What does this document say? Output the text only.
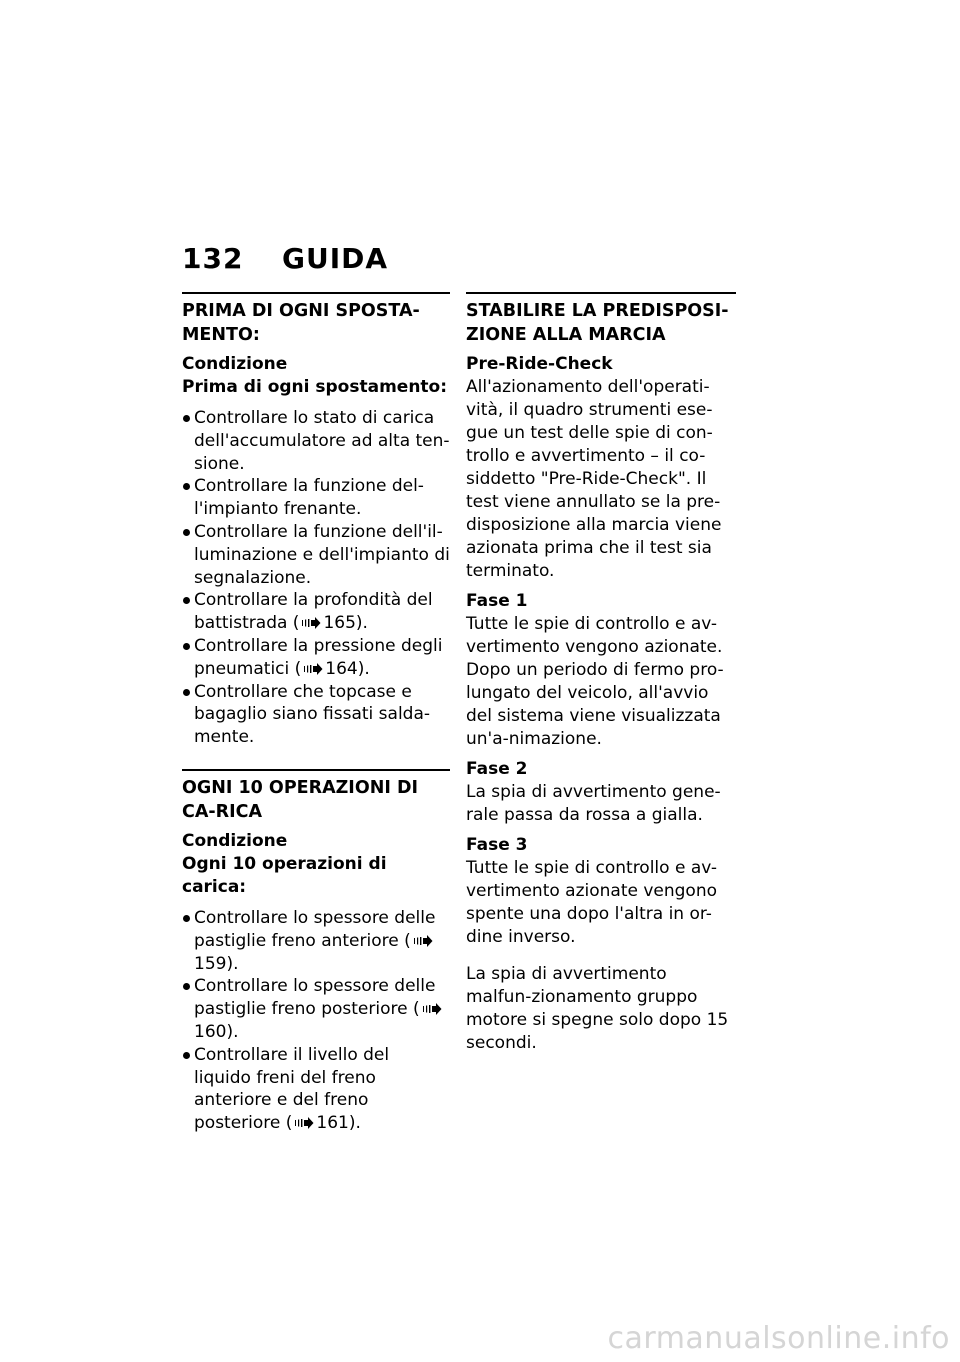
132 GUIDA
PRIMA DI OGNI SPOSTA-MENTO:
Condizione
Prima di ogni spostamento:
Controllare lo stato di carica dell'accumulatore ad alta ten-sione.
Controllare la funzione del-l'impianto frenante.
Controllare la funzione dell'il-luminazione e dell'impianto di segnalazione.
Controllare la profondità del battistrada ( 165).
Controllare la pressione degli pneumatici ( 164).
Controllare che topcase e bagaglio siano fissati salda-mente.
OGNI 10 OPERAZIONI DI CA-RICA
Condizione
Ogni 10 operazioni di carica:
Controllare lo spessore delle pastiglie freno anteriore (159).
Controllare lo spessore delle pastiglie freno posteriore (160).
Controllare il livello del liquido freni del freno anteriore e del freno posteriore ( 161).
STABILIRE LA PREDISPOSI-ZIONE ALLA MARCIA
Pre-Ride-Check

All'azionamento dell'operati-vità, il quadro strumenti ese-gue un test delle spie di con-trollo e avvertimento – il co-siddetto "Pre-Ride-Check". Il test viene annullato se la pre-disposizione alla marcia viene azionata prima che il test sia terminato.

Fase 1

Tutte le spie di controllo e av-vertimento vengono azionate. Dopo un periodo di fermo pro-lungato del veicolo, all'avvio del sistema viene visualizzata un'a-nimazione.

Fase 2

La spia di avvertimento gene-rale passa da rossa a gialla.

Fase 3

Tutte le spie di controllo e av-vertimento azionate vengono spente una dopo l'altra in or-dine inverso.

La spia di avvertimento malfun-zionamento gruppo motore si spegne solo dopo 15 secondi.

carmanualsonline.info
